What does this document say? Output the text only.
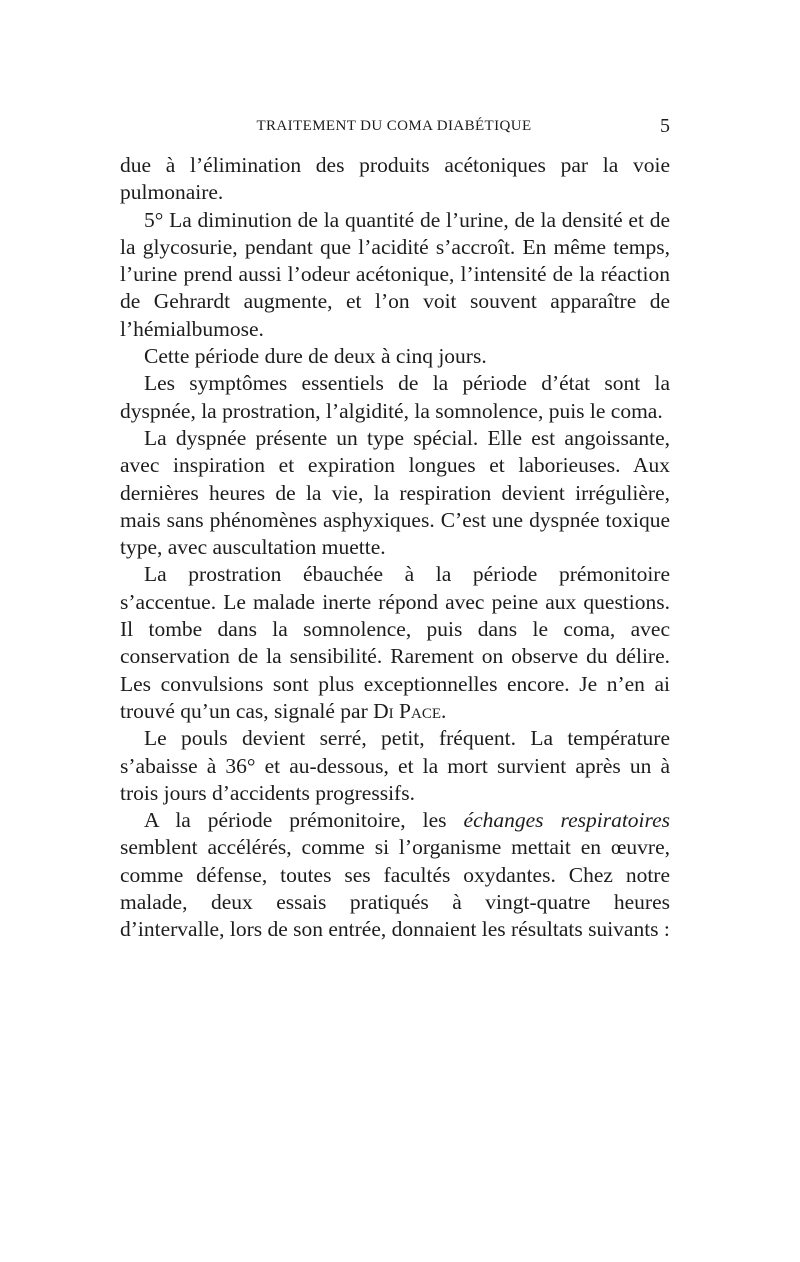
TRAITEMENT DU COMA DIABÉTIQUE	5

due à l’élimination des produits acétoniques par la voie pulmonaire.

5° La diminution de la quantité de l’urine, de la densité et de la glycosurie, pendant que l’acidité s’accroît. En même temps, l’urine prend aussi l’odeur acétonique, l’intensité de la réaction de Gehrardt augmente, et l’on voit souvent apparaître de l’hémialbumose.

Cette période dure de deux à cinq jours.

Les symptômes essentiels de la période d’état sont la dyspnée, la prostration, l’algidité, la somnolence, puis le coma.

La dyspnée présente un type spécial. Elle est angoissante, avec inspiration et expiration longues et laborieuses. Aux dernières heures de la vie, la respiration devient irrégulière, mais sans phénomènes asphyxiques. C’est une dyspnée toxique type, avec auscultation muette.

La prostration ébauchée à la période prémonitoire s’accentue. Le malade inerte répond avec peine aux questions. Il tombe dans la somnolence, puis dans le coma, avec conservation de la sensibilité. Rarement on observe du délire. Les convulsions sont plus exceptionnelles encore. Je n’en ai trouvé qu’un cas, signalé par Di Pace.

Le pouls devient serré, petit, fréquent. La température s’abaisse à 36° et au-dessous, et la mort survient après un à trois jours d’accidents progressifs.

A la période prémonitoire, les échanges respiratoires semblent accélérés, comme si l’organisme mettait en œuvre, comme défense, toutes ses facultés oxydantes. Chez notre malade, deux essais pratiqués à vingt-quatre heures d’intervalle, lors de son entrée, donnaient les résultats suivants :
